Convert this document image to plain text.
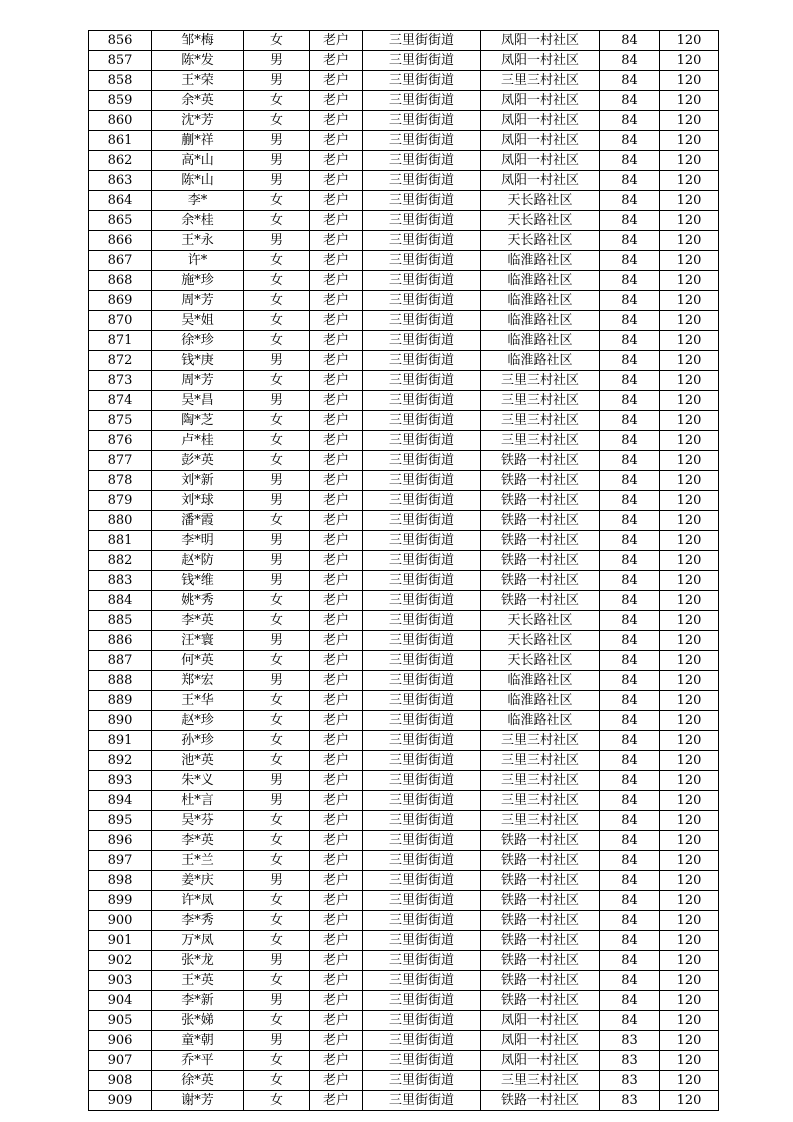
856	邹*梅	女	老户	三里街街道	凤阳一村社区	84	120
857	陈*发	男	老户	三里街街道	凤阳一村社区	84	120
858	王*荣	男	老户	三里街街道	三里三村社区	84	120
859	余*英	女	老户	三里街街道	凤阳一村社区	84	120
860	沈*芳	女	老户	三里街街道	凤阳一村社区	84	120
861	蒯*祥	男	老户	三里街街道	凤阳一村社区	84	120
862	高*山	男	老户	三里街街道	凤阳一村社区	84	120
863	陈*山	男	老户	三里街街道	凤阳一村社区	84	120
864	李*	女	老户	三里街街道	天长路社区	84	120
865	余*桂	女	老户	三里街街道	天长路社区	84	120
866	王*永	男	老户	三里街街道	天长路社区	84	120
867	许*	女	老户	三里街街道	临淮路社区	84	120
868	施*珍	女	老户	三里街街道	临淮路社区	84	120
869	周*芳	女	老户	三里街街道	临淮路社区	84	120
870	吴*姐	女	老户	三里街街道	临淮路社区	84	120
871	徐*珍	女	老户	三里街街道	临淮路社区	84	120
872	钱*庚	男	老户	三里街街道	临淮路社区	84	120
873	周*芳	女	老户	三里街街道	三里三村社区	84	120
874	吴*昌	男	老户	三里街街道	三里三村社区	84	120
875	陶*芝	女	老户	三里街街道	三里三村社区	84	120
876	卢*桂	女	老户	三里街街道	三里三村社区	84	120
877	彭*英	女	老户	三里街街道	铁路一村社区	84	120
878	刘*新	男	老户	三里街街道	铁路一村社区	84	120
879	刘*球	男	老户	三里街街道	铁路一村社区	84	120
880	潘*霞	女	老户	三里街街道	铁路一村社区	84	120
881	李*明	男	老户	三里街街道	铁路一村社区	84	120
882	赵*防	男	老户	三里街街道	铁路一村社区	84	120
883	钱*维	男	老户	三里街街道	铁路一村社区	84	120
884	姚*秀	女	老户	三里街街道	铁路一村社区	84	120
885	李*英	女	老户	三里街街道	天长路社区	84	120
886	汪*寰	男	老户	三里街街道	天长路社区	84	120
887	何*英	女	老户	三里街街道	天长路社区	84	120
888	郑*宏	男	老户	三里街街道	临淮路社区	84	120
889	王*华	女	老户	三里街街道	临淮路社区	84	120
890	赵*珍	女	老户	三里街街道	临淮路社区	84	120
891	孙*珍	女	老户	三里街街道	三里三村社区	84	120
892	池*英	女	老户	三里街街道	三里三村社区	84	120
893	朱*义	男	老户	三里街街道	三里三村社区	84	120
894	杜*言	男	老户	三里街街道	三里三村社区	84	120
895	吴*芬	女	老户	三里街街道	三里三村社区	84	120
896	李*英	女	老户	三里街街道	铁路一村社区	84	120
897	王*兰	女	老户	三里街街道	铁路一村社区	84	120
898	姜*庆	男	老户	三里街街道	铁路一村社区	84	120
899	许*凤	女	老户	三里街街道	铁路一村社区	84	120
900	李*秀	女	老户	三里街街道	铁路一村社区	84	120
901	万*凤	女	老户	三里街街道	铁路一村社区	84	120
902	张*龙	男	老户	三里街街道	铁路一村社区	84	120
903	王*英	女	老户	三里街街道	铁路一村社区	84	120
904	李*新	男	老户	三里街街道	铁路一村社区	84	120
905	张*娣	女	老户	三里街街道	凤阳一村社区	84	120
906	童*朝	男	老户	三里街街道	凤阳一村社区	83	120
907	乔*平	女	老户	三里街街道	凤阳一村社区	83	120
908	徐*英	女	老户	三里街街道	三里三村社区	83	120
909	谢*芳	女	老户	三里街街道	铁路一村社区	83	120
